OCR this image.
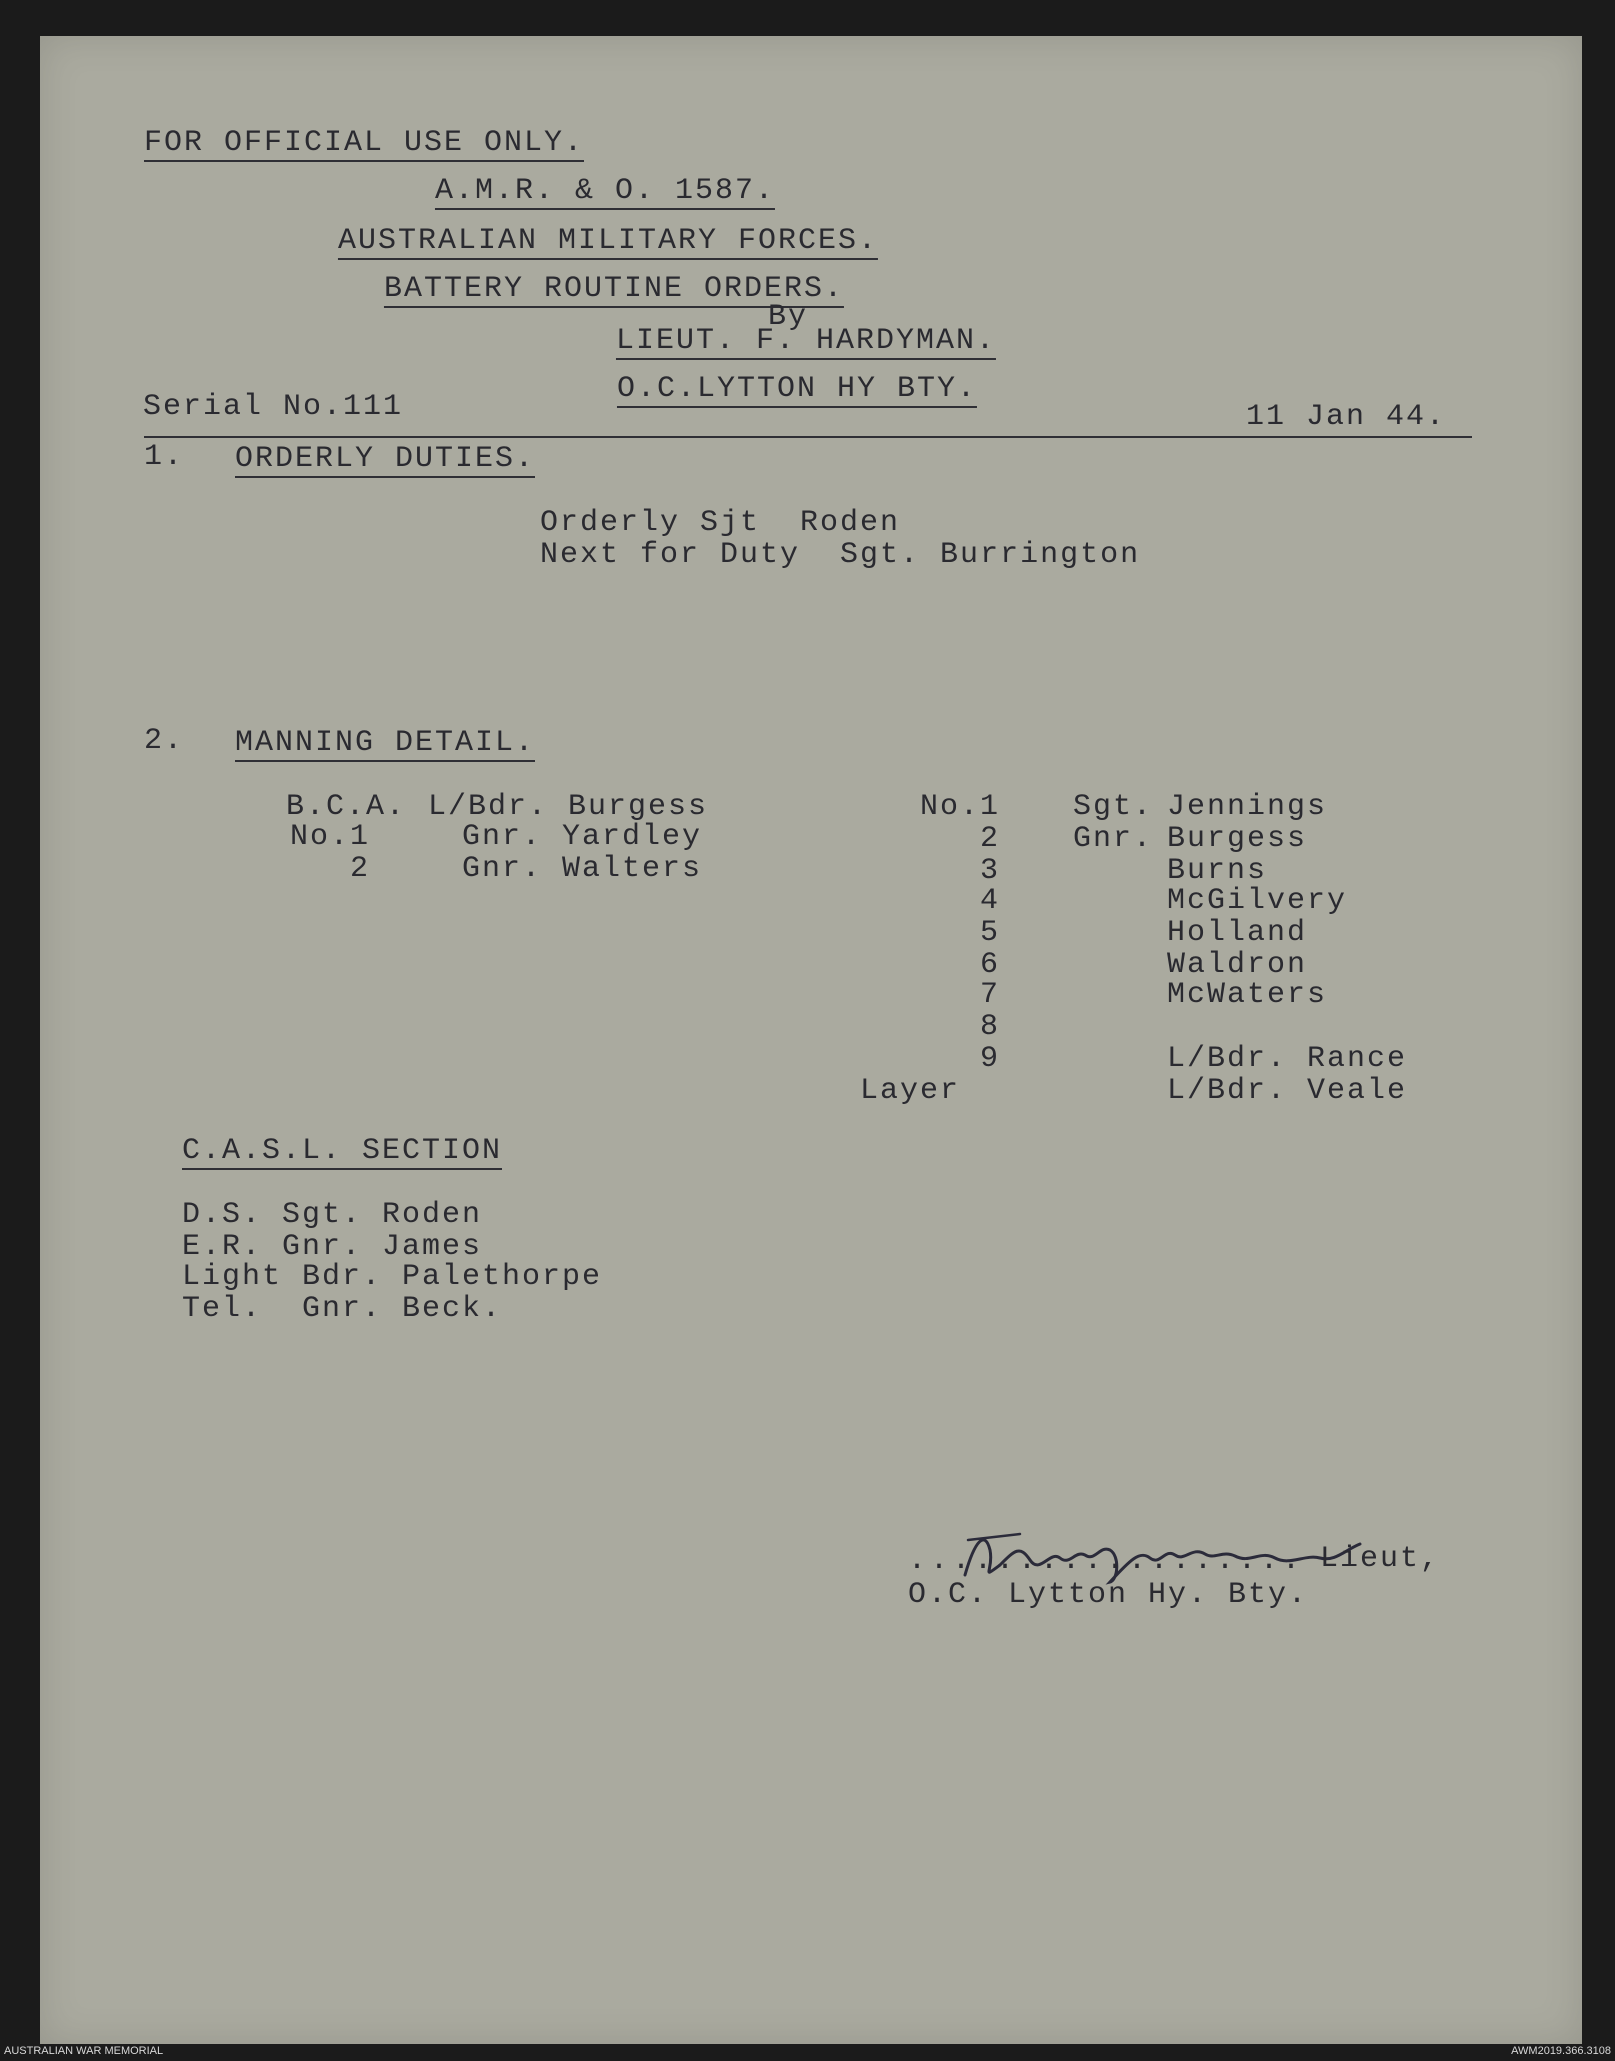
FOR OFFICIAL USE ONLY.
A.M.R. & O. 1587.
AUSTRALIAN MILITARY FORCES.
BATTERY ROUTINE ORDERS.
By
LIEUT. F. HARDYMAN.
O.C.LYTTON HY BTY.
Serial No.111	11 Jan 44.
1. ORDERLY DUTIES.
Orderly Sjt  Roden
Next for Duty  Sgt. Burrington
2. MANNING DETAIL.
B.C.A. L/Bdr. Burgess
No.1	Gnr. Yardley
2	Gnr. Walters
No.1 Sgt. Jennings
2 Gnr. Burgess
3	Burns
4	McGilvery
5	Holland
6	Waldron
7	McWaters
8
9	L/Bdr. Rance
Layer	L/Bdr. Veale
C.A.S.L. SECTION
D.S. Sgt. Roden
E.R. Gnr. James
Light Bdr. Palethorpe
Tel.  Gnr. Beck.
.................. Lieut,
O.C. Lytton Hy. Bty.
AUSTRALIAN WAR MEMORIAL	AWM2019.366.3108
